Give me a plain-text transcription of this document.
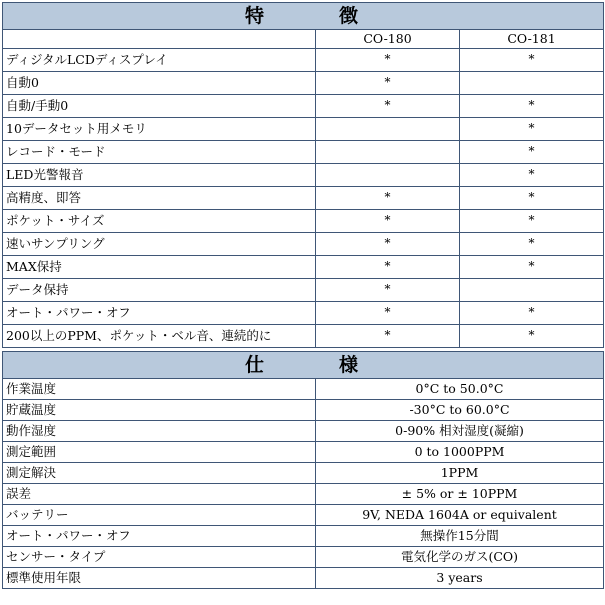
特　徴		
	CO-180	CO-181
ディジタルLCDディスプレイ	*	*
自動0	*	
自動/手動0	*	*
10データセット用メモリ		*
レコード・モード		*
LED光警報音		*
高精度、即答	*	*
ポケット・サイズ	*	*
速いサンプリング	*	*
MAX保持	*	*
データ保持	*	
オート・パワー・オフ	*	*
200以上のPPM、ポケット・ベル音、連続的に	*	*
仕　様	
作業温度	0°C to 50.0°C
貯蔵温度	-30°C to 60.0°C
動作湿度	0-90% 相対湿度(凝縮)
測定範囲	0 to 1000PPM
測定解決	1PPM
誤差	± 5% or ± 10PPM
バッテリー	9V, NEDA 1604A or equivalent
オート・パワー・オフ	無操作15分間
センサー・タイプ	電気化学のガス(CO)
標準使用年限	3 years
